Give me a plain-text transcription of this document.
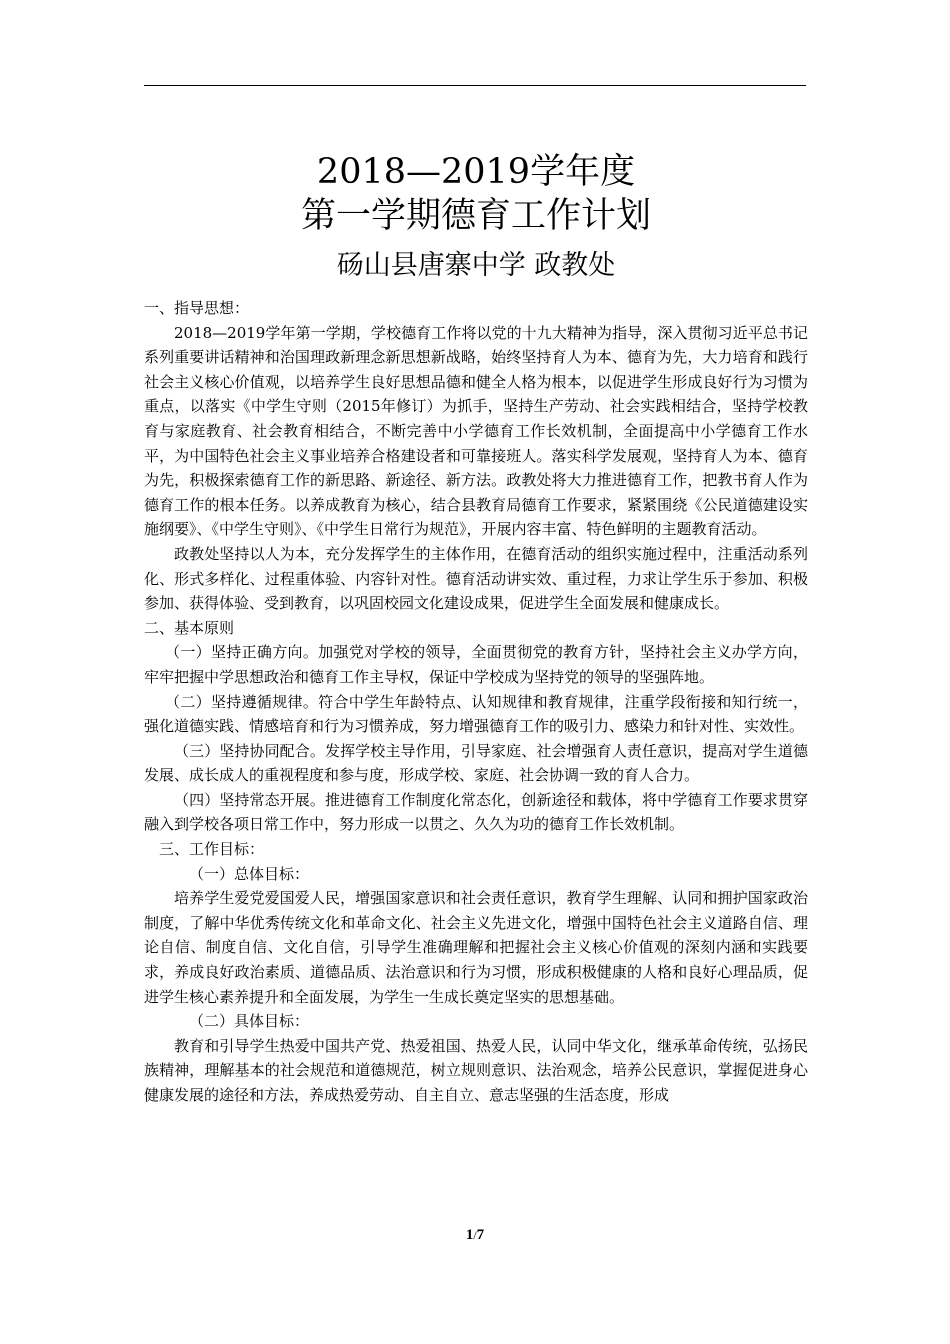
2018—2019学年度
第一学期德育工作计划
砀山县唐寨中学 政教处

一、指导思想：

2018—2019学年第一学期，学校德育工作将以党的十九大精神为指导，深入贯彻习近平总书记系列重要讲话精神和治国理政新理念新思想新战略，始终坚持育人为本、德育为先，大力培育和践行社会主义核心价值观，以培养学生良好思想品德和健全人格为根本，以促进学生形成良好行为习惯为重点，以落实《中学生守则（2015年修订）为抓手，坚持生产劳动、社会实践相结合，坚持学校教育与家庭教育、社会教育相结合，不断完善中小学德育工作长效机制，全面提高中小学德育工作水平，为中国特色社会主义事业培养合格建设者和可靠接班人。落实科学发展观，坚持育人为本、德育为先，积极探索德育工作的新思路、新途径、新方法。政教处将大力推进德育工作，把教书育人作为德育工作的根本任务。以养成教育为核心，结合县教育局德育工作要求，紧紧围绕《公民道德建设实施纲要》、《中学生守则》、《中学生日常行为规范》，开展内容丰富、特色鲜明的主题教育活动。

政教处坚持以人为本，充分发挥学生的主体作用，在德育活动的组织实施过程中，注重活动系列化、形式多样化、过程重体验、内容针对性。德育活动讲实效、重过程，力求让学生乐于参加、积极参加、获得体验、受到教育，以巩固校园文化建设成果，促进学生全面发展和健康成长。

二、基本原则

（一）坚持正确方向。加强党对学校的领导，全面贯彻党的教育方针，坚持社会主义办学方向，牢牢把握中学思想政治和德育工作主导权，保证中学校成为坚持党的领导的坚强阵地。

（二）坚持遵循规律。符合中学生年龄特点、认知规律和教育规律，注重学段衔接和知行统一，强化道德实践、情感培育和行为习惯养成，努力增强德育工作的吸引力、感染力和针对性、实效性。

（三）坚持协同配合。发挥学校主导作用，引导家庭、社会增强育人责任意识，提高对学生道德发展、成长成人的重视程度和参与度，形成学校、家庭、社会协调一致的育人合力。

（四）坚持常态开展。推进德育工作制度化常态化，创新途径和载体，将中学德育工作要求贯穿融入到学校各项日常工作中，努力形成一以贯之、久久为功的德育工作长效机制。

三、工作目标：

（一）总体目标：

培养学生爱党爱国爱人民，增强国家意识和社会责任意识，教育学生理解、认同和拥护国家政治制度，了解中华优秀传统文化和革命文化、社会主义先进文化，增强中国特色社会主义道路自信、理论自信、制度自信、文化自信，引导学生准确理解和把握社会主义核心价值观的深刻内涵和实践要求，养成良好政治素质、道德品质、法治意识和行为习惯，形成积极健康的人格和良好心理品质，促进学生核心素养提升和全面发展，为学生一生成长奠定坚实的思想基础。

（二）具体目标：

教育和引导学生热爱中国共产党、热爱祖国、热爱人民，认同中华文化，继承革命传统，弘扬民族精神，理解基本的社会规范和道德规范，树立规则意识、法治观念，培养公民意识，掌握促进身心健康发展的途径和方法，养成热爱劳动、自主自立、意志坚强的生活态度，形成

1/7
